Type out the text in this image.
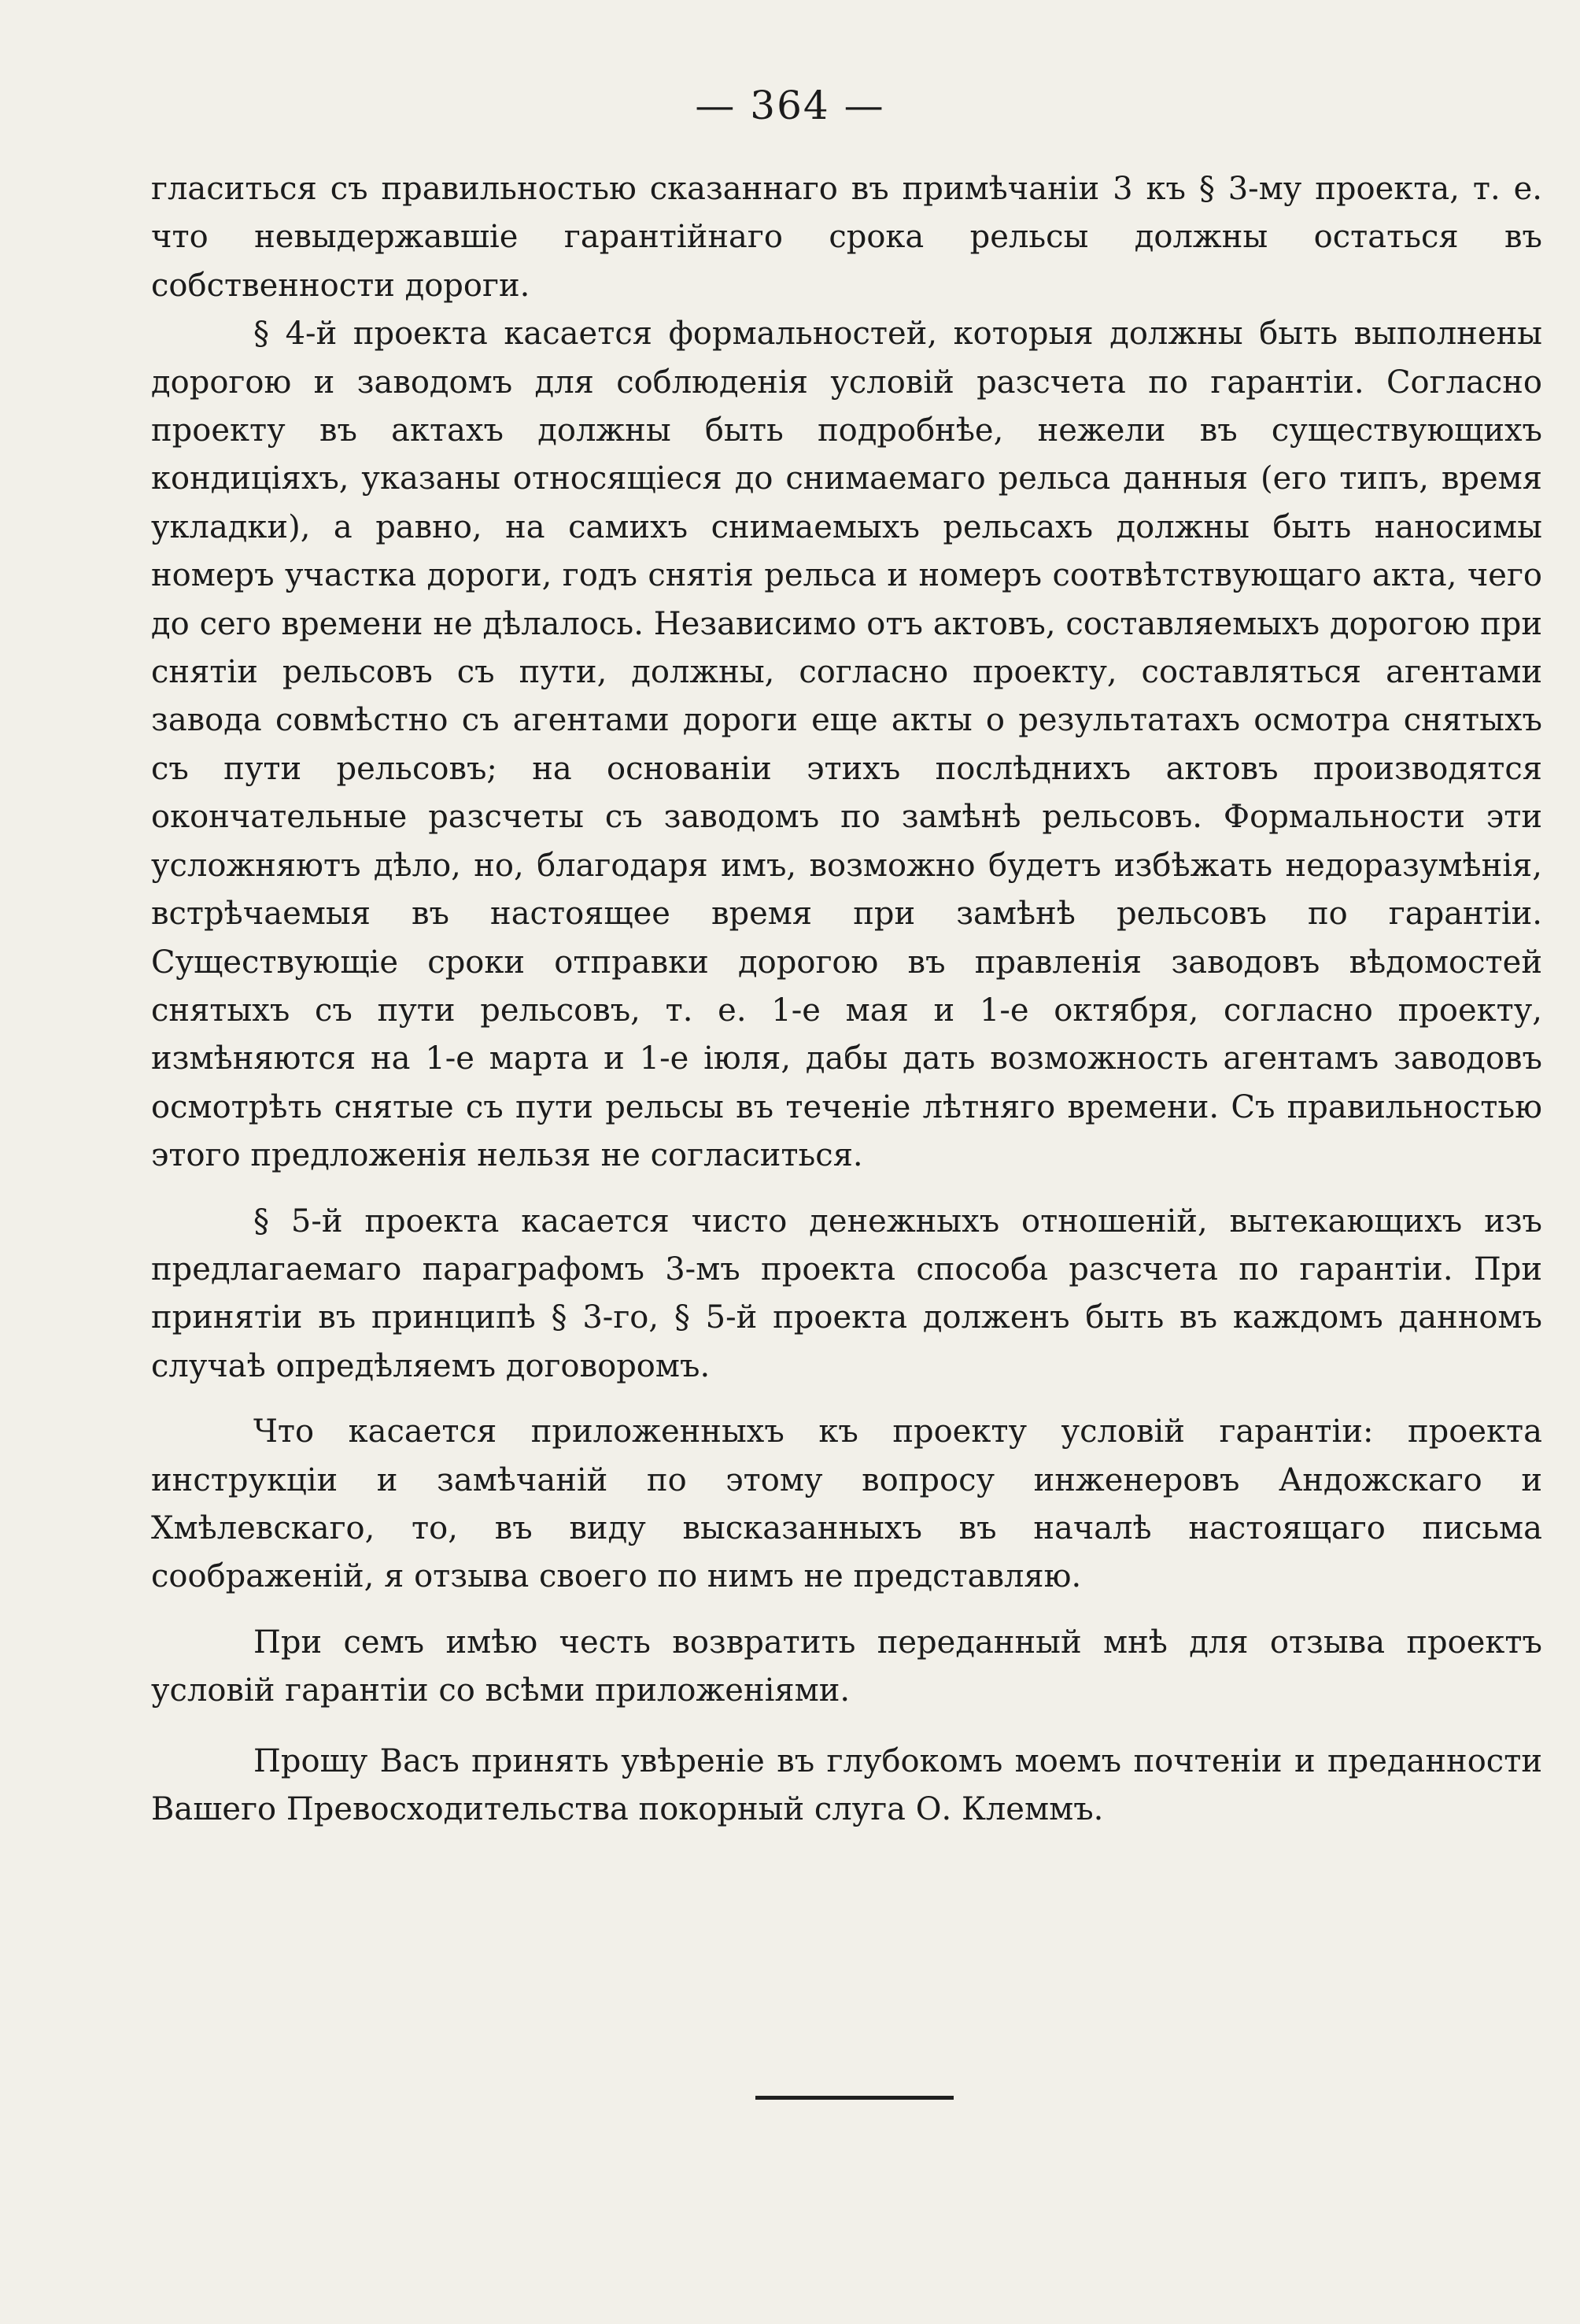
— 364 —

гласиться съ правильностью сказаннаго въ примѣчанiи 3 къ § 3-му проекта, т. е. что невыдержавшiе гарантiйнаго срока рельсы должны остаться въ собственности дороги.

§ 4-й проекта касается формальностей, которыя должны быть выполнены дорогою и заводомъ для соблюденiя условiй разсчета по гарантiи. Согласно проекту въ актахъ должны быть подробнѣе, нежели въ существующихъ кондицiяхъ, указаны относящiеся до снимаемаго рельса данныя (его типъ, время укладки), а равно, на самихъ снимаемыхъ рельсахъ должны быть наносимы номеръ участка дороги, годъ снятiя рельса и номеръ соотвѣтствующаго акта, чего до сего времени не дѣлалось. Независимо отъ актовъ, составляемыхъ дорогою при снятiи рельсовъ съ пути, должны, согласно проекту, составляться агентами завода совмѣстно съ агентами дороги еще акты о результатахъ осмотра снятыхъ съ пути рельсовъ; на основанiи этихъ послѣднихъ актовъ производятся окончательные разсчеты съ заводомъ по замѣнѣ рельсовъ. Формальности эти усложняютъ дѣло, но, благодаря имъ, возможно будетъ избѣжать недоразумѣнiя, встрѣчаемыя въ настоящее время при замѣнѣ рельсовъ по гарантiи. Существующiе сроки отправки дорогою въ правленiя заводовъ вѣдомостей снятыхъ съ пути рельсовъ, т. е. 1-е мая и 1-е октября, согласно проекту, измѣняются на 1-е марта и 1-е iюля, дабы дать возможность агентамъ заводовъ осмотрѣть снятые съ пути рельсы въ теченiе лѣтняго времени. Съ правильностью этого предложенiя нельзя не согласиться.

§ 5-й проекта касается чисто денежныхъ отношенiй, вытекающихъ изъ предлагаемаго параграфомъ 3-мъ проекта способа разсчета по гарантiи. При принятiи въ принципѣ § 3-го, § 5-й проекта долженъ быть въ каждомъ данномъ случаѣ опредѣляемъ договоромъ.

Что касается приложенныхъ къ проекту условiй гарантiи: проекта инструкцiи и замѣчанiй по этому вопросу инженеровъ Андожскаго и Хмѣлевскаго, то, въ виду высказанныхъ въ началѣ настоящаго письма соображенiй, я отзыва своего по нимъ не представляю.

При семъ имѣю честь возвратить переданный мнѣ для отзыва проектъ условiй гарантiи со всѣми приложенiями.

Прошу Васъ принять увѣренiе въ глубокомъ моемъ почтенiи и преданности Вашего Превосходительства покорный слуга О. Клеммъ.
